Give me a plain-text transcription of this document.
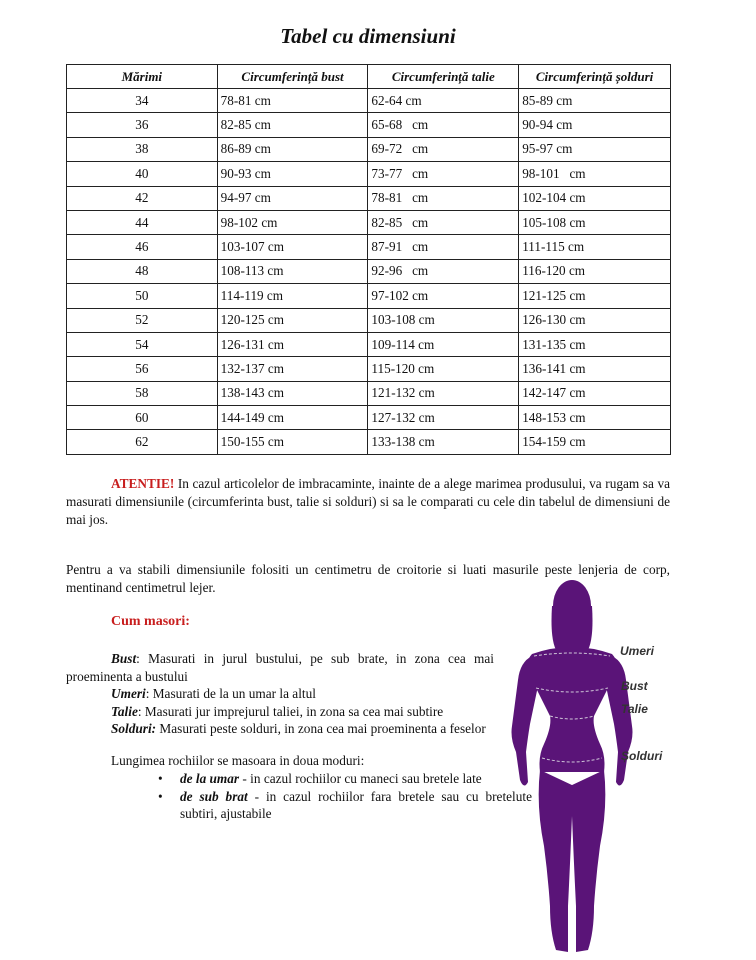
Tabel cu dimensiuni
Mărimi	Circumferință bust	Circumferință talie	Circumferință șolduri
34	78-81 cm	62-64 cm	85-89 cm
36	82-85 cm	65-68   cm	90-94 cm
38	86-89 cm	69-72   cm	95-97 cm
40	90-93 cm	73-77   cm	98-101   cm
42	94-97 cm	78-81   cm	102-104 cm
44	98-102 cm	82-85   cm	105-108 cm
46	103-107 cm	87-91   cm	111-115 cm
48	108-113 cm	92-96   cm	116-120 cm
50	114-119 cm	97-102 cm	121-125 cm
52	120-125 cm	103-108 cm	126-130 cm
54	126-131 cm	109-114 cm	131-135 cm
56	132-137 cm	115-120 cm	136-141 cm
58	138-143 cm	121-132 cm	142-147 cm
60	144-149 cm	127-132 cm	148-153 cm
62	150-155 cm	133-138 cm	154-159 cm
ATENTIE! In cazul articolelor de imbracaminte, inainte de a alege marimea produsului, va rugam sa va masurati dimensiunile (circumferinta bust, talie si solduri) si sa le comparati cu cele din tabelul de dimensiuni de mai jos.
Pentru a va stabili dimensiunile folositi un centimetru de croitorie si luati masurile peste lenjeria de corp, mentinand centimetrul lejer.
Cum masori:

Bust: Masurati in jurul bustului, pe sub brate, in zona cea mai proeminenta a bustului

Umeri: Masurati de la un umar la altul

Talie: Masurati jur imprejurul taliei, in zona sa cea mai subtire

Solduri: Masurati peste solduri, in zona cea mai proeminenta a feselor

Lungimea rochiilor se masoara in doua moduri:
• de la umar - in cazul rochiilor cu maneci sau bretele late
• de sub brat - in cazul rochiilor fara bretele sau cu bretelute subtiri, ajustabile
Umeri
Bust
Talie
Șolduri
